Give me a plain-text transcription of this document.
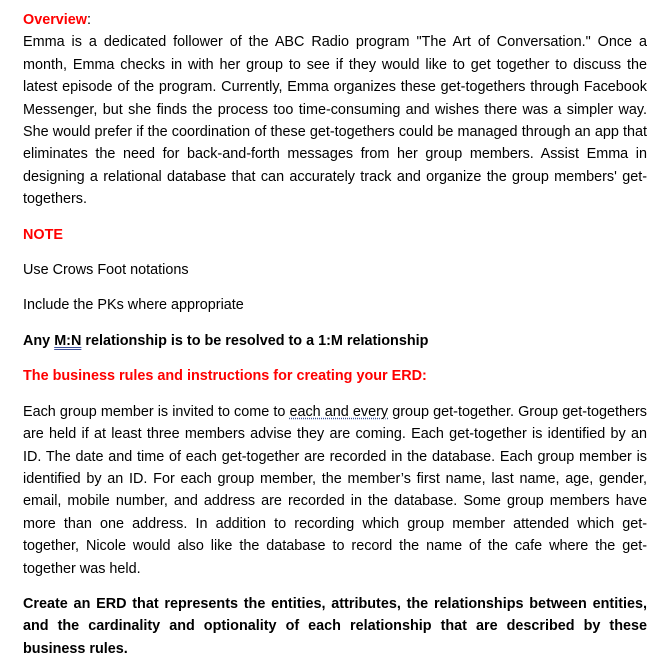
Overview:

Emma is a dedicated follower of the ABC Radio program "The Art of Conversation." Once a month, Emma checks in with her group to see if they would like to get together to discuss the latest episode of the program. Currently, Emma organizes these get-togethers through Facebook Messenger, but she finds the process too time-consuming and wishes there was a simpler way. She would prefer if the coordination of these get-togethers could be managed through an app that eliminates the need for back-and-forth messages from her group members. Assist Emma in designing a relational database that can accurately track and organize the group members' get-togethers.

NOTE

Use Crows Foot notations

Include the PKs where appropriate

Any M:N relationship is to be resolved to a 1:M relationship

The business rules and instructions for creating your ERD:

Each group member is invited to come to each and every group get-together. Group get-togethers are held if at least three members advise they are coming. Each get-together is identified by an ID. The date and time of each get-together are recorded in the database. Each group member is identified by an ID. For each group member, the member’s first name, last name, age, gender, email, mobile number, and address are recorded in the database. Some group members have more than one address. In addition to recording which group member attended which get-together, Nicole would also like the database to record the name of the cafe where the get-together was held.

Create an ERD that represents the entities, attributes, the relationships between entities, and the cardinality and optionality of each relationship that are described by these business rules.
